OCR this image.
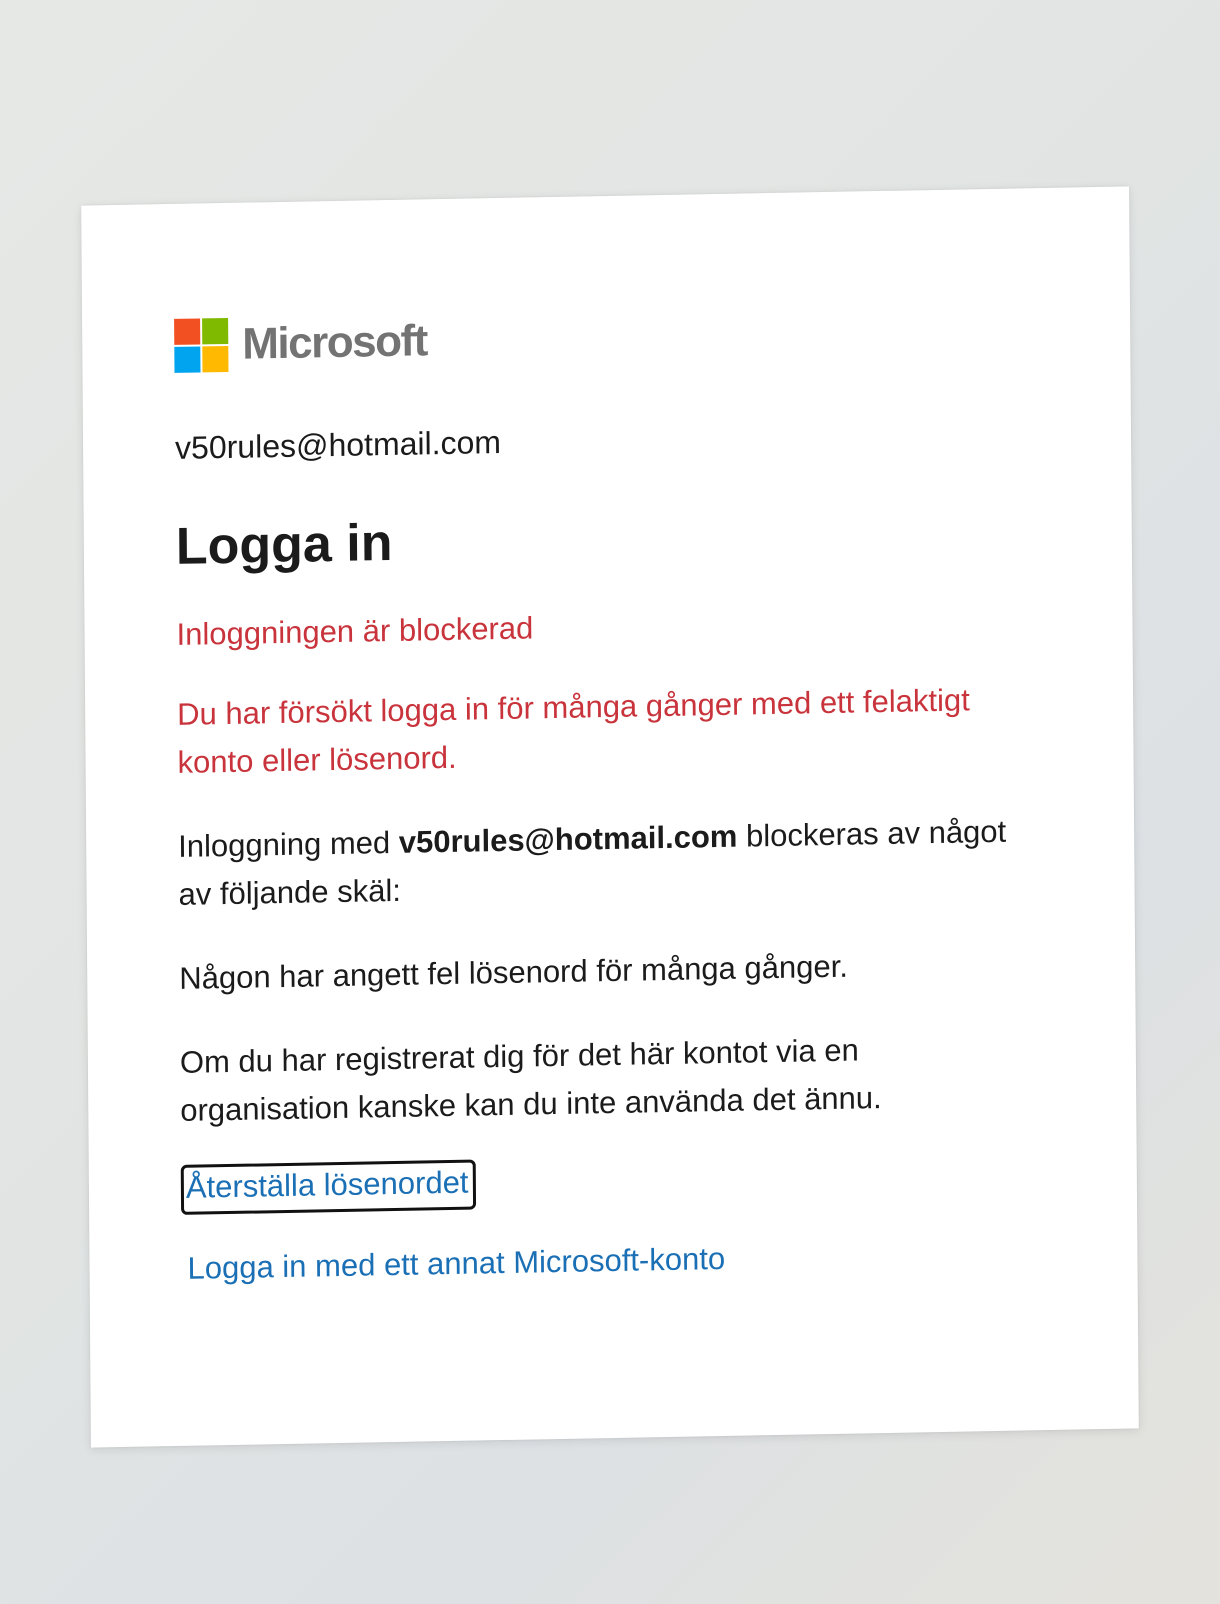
Microsoft
v50rules@hotmail.com
Logga in
Inloggningen är blockerad
Du har försökt logga in för många gånger med ett felaktigt konto eller lösenord.
Inloggning med v50rules@hotmail.com blockeras av något av följande skäl:
Någon har angett fel lösenord för många gånger.
Om du har registrerat dig för det här kontot via en organisation kanske kan du inte använda det ännu.
Återställa lösenordet
Logga in med ett annat Microsoft-konto
